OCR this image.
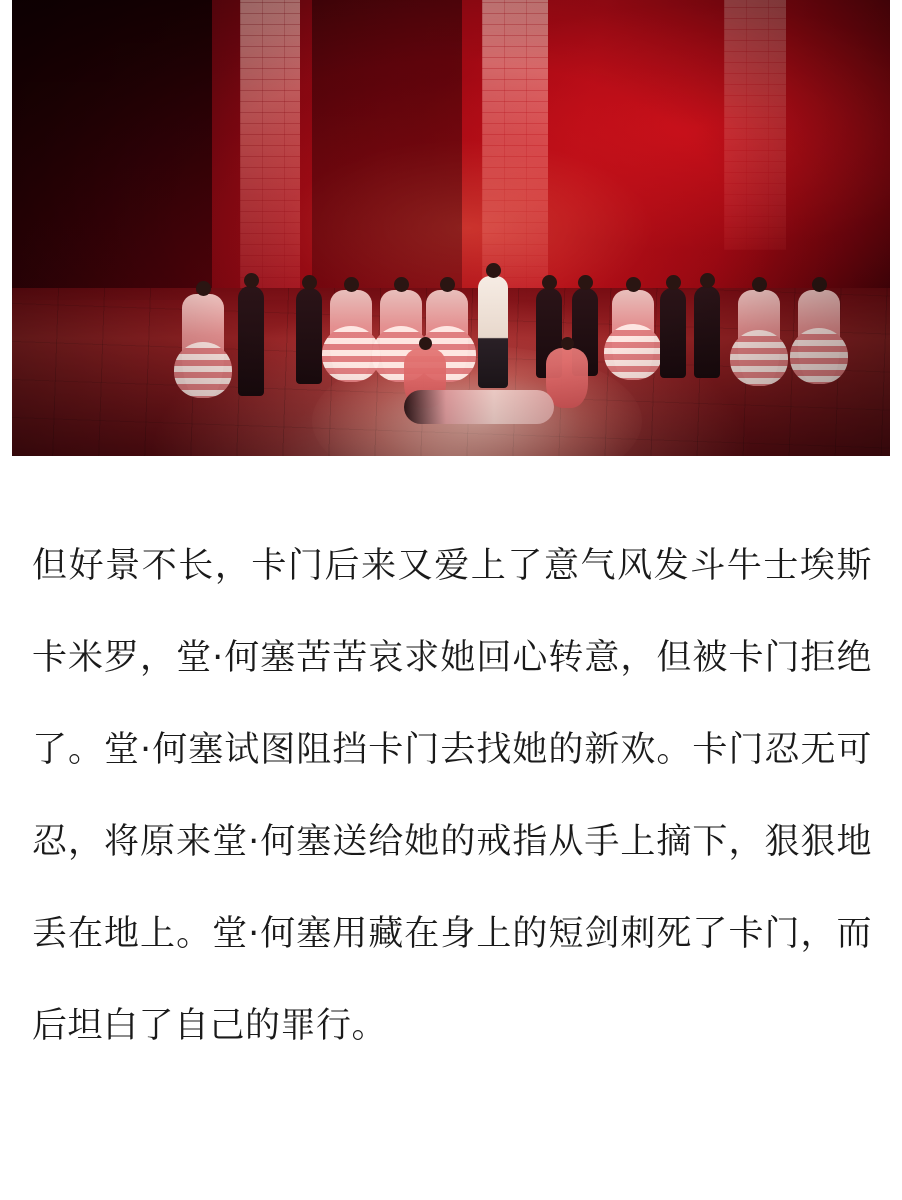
但好景不长，卡门后来又爱上了意气风发斗牛士埃斯卡米罗，堂·何塞苦苦哀求她回心转意，但被卡门拒绝了。堂·何塞试图阻挡卡门去找她的新欢。卡门忍无可忍，将原来堂·何塞送给她的戒指从手上摘下，狠狠地丢在地上。堂·何塞用藏在身上的短剑刺死了卡门，而后坦白了自己的罪行。
